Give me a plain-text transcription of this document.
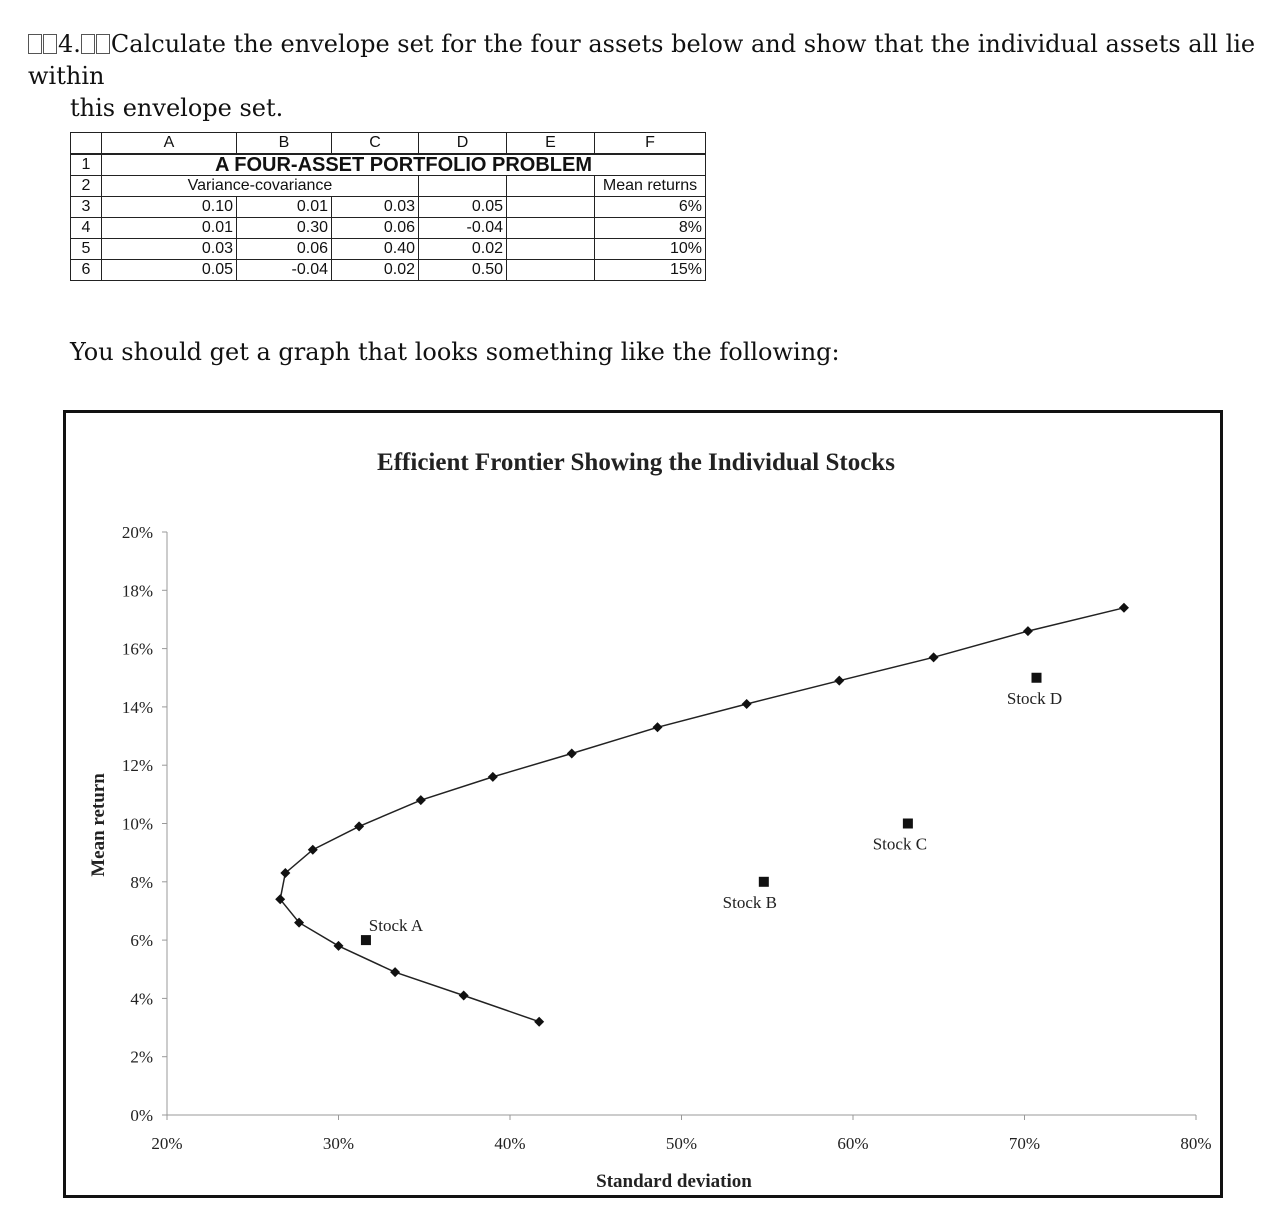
4. Calculate the envelope set for the four assets below and show that the individual assets all lie within
this envelope set.
	A	B	C	D	E	F
1	A FOUR-ASSET PORTFOLIO PROBLEM					
2	Variance-covariance					Mean returns
3	0.10	0.01	0.03	0.05		6%
4	0.01	0.30	0.06	-0.04		8%
5	0.03	0.06	0.40	0.02		10%
6	0.05	-0.04	0.02	0.50		15%
You should get a graph that looks something like the following:
Efficient Frontier Showing the Individual Stocks
Standard deviation
Mean return
0%
2%
4%
6%
8%
10%
12%
14%
16%
18%
20%
20%	30%	40%	50%	60%	70%	80%
Stock A
Stock B
Stock C
Stock D
